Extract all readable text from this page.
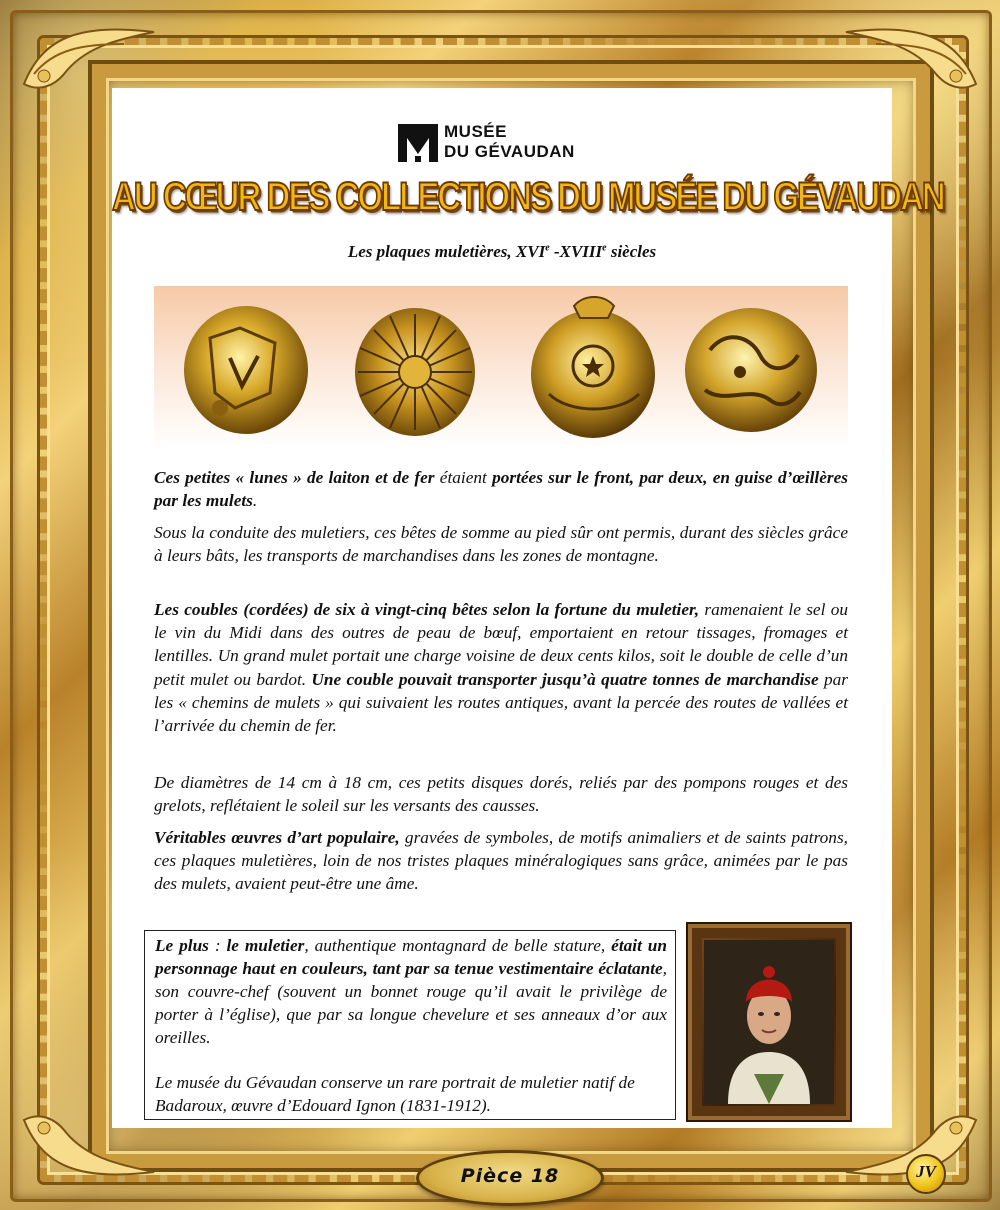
MUSÉE
DU GÉVAUDAN
AU CŒUR DES COLLECTIONS DU MUSÉE DU GÉVAUDAN
Les plaques muletières, XVIe -XVIIIe siècles

Ces petites « lunes » de laiton et de fer étaient portées sur le front, par deux, en guise d’œillères par les mulets.

Sous la conduite des muletiers, ces bêtes de somme au pied sûr ont permis, durant des siècles grâce à leurs bâts, les transports de marchandises dans les zones de montagne.

Les coubles (cordées) de six à vingt-cinq bêtes selon la fortune du muletier, ramenaient le sel ou le vin du Midi dans des outres de peau de bœuf, emportaient en retour tissages, fromages et lentilles. Un grand mulet portait une charge voisine de deux cents kilos, soit le double de celle d’un petit mulet ou bardot. Une couble pouvait transporter jusqu’à quatre tonnes de marchandise par les « chemins de mulets » qui suivaient les routes antiques, avant la percée des routes de vallées et l’arrivée du chemin de fer.

De diamètres de 14 cm à 18 cm, ces petits disques dorés, reliés par des pompons rouges et des grelots, reflétaient le soleil sur les versants des causses.

Véritables œuvres d’art populaire, gravées de symboles, de motifs animaliers et de saints patrons, ces plaques muletières, loin de nos tristes plaques minéralogiques sans grâce, animées par le pas des mulets, avaient peut-être une âme.

Le plus : le muletier, authentique montagnard de belle stature, était un personnage haut en couleurs, tant par sa tenue vestimentaire éclatante, son couvre-chef (souvent un bonnet rouge qu’il avait le privilège de porter à l’église), que par sa longue chevelure et ses anneaux d’or aux oreilles.

Le musée du Gévaudan conserve un rare portrait de muletier natif de Badaroux, œuvre d’Edouard Ignon (1831-1912).

Pièce 18	JV
